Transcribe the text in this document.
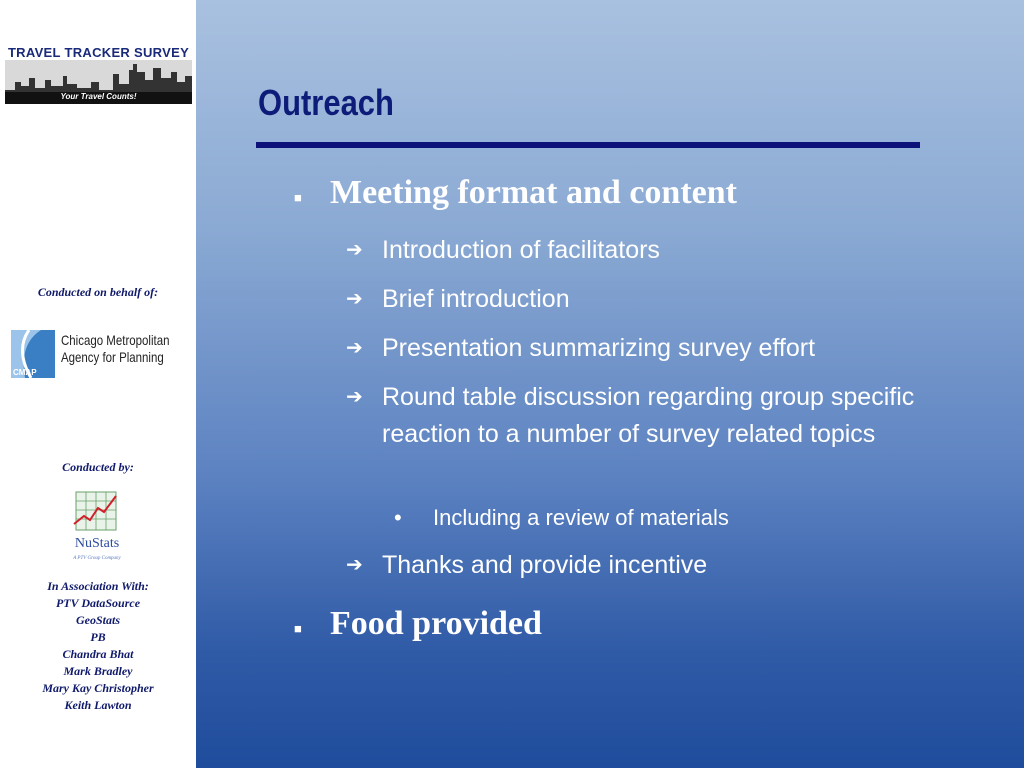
TRAVEL TRACKER SURVEY
Your Travel Counts!
Conducted on behalf of:
CMAP
Chicago Metropolitan
Agency for Planning
Conducted by:
NuStats
A PTV Group Company
In Association With:
PTV DataSource
GeoStats
PB
Chandra Bhat
Mark Bradley
Mary Kay Christopher
Keith Lawton
Outreach
■ Meeting format and content
➔ Introduction of facilitators
➔ Brief introduction
➔ Presentation summarizing survey effort
➔ Round table discussion regarding group specific reaction to a number of survey related topics
• Including a review of materials
➔ Thanks and provide incentive
■ Food provided
